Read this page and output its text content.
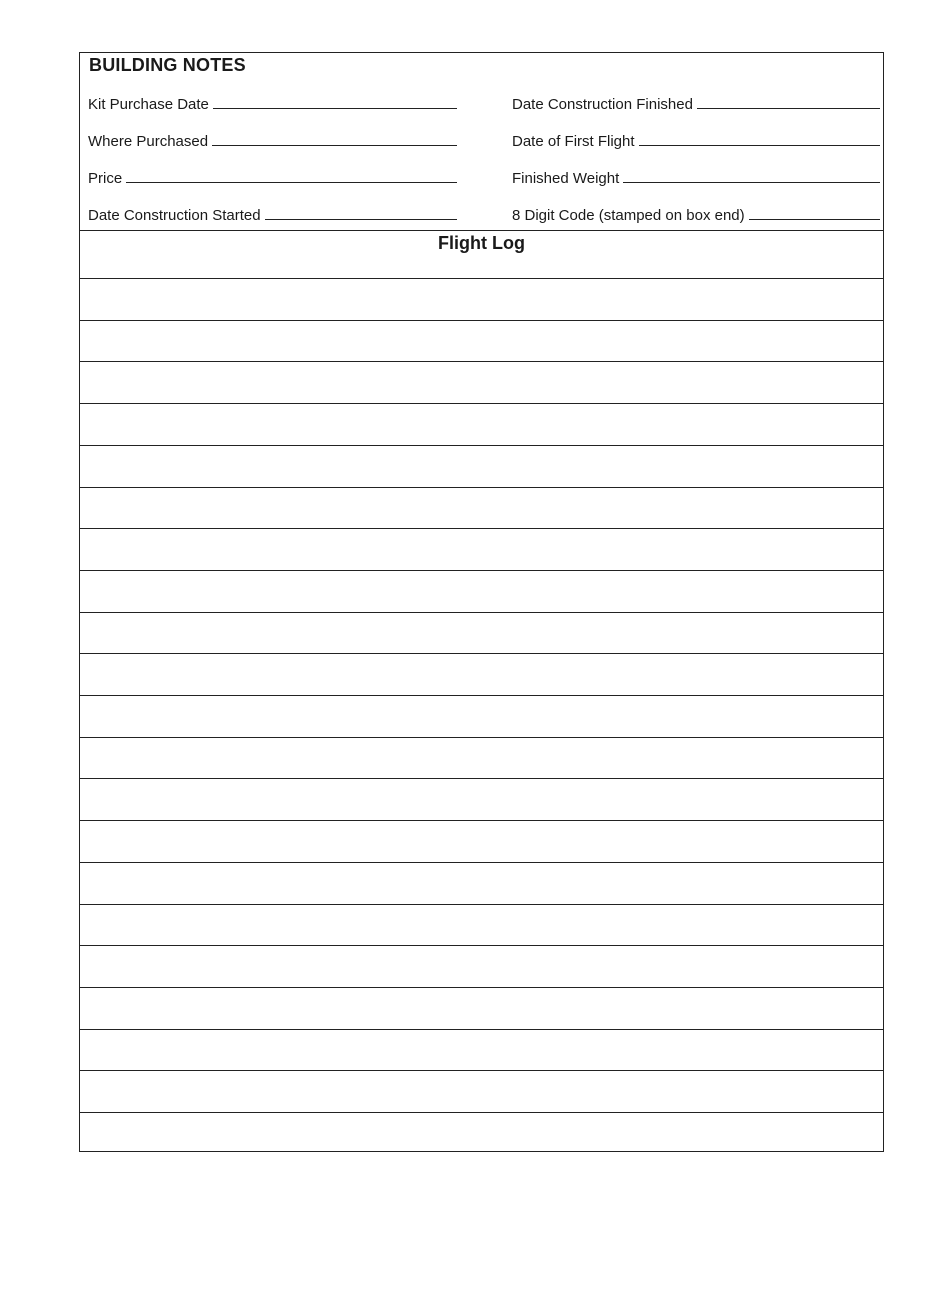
BUILDING NOTES
Kit Purchase Date	Date Construction Finished
Where Purchased	Date of First Flight
Price	Finished Weight
Date Construction Started	8 Digit Code (stamped on box end)
Flight Log
